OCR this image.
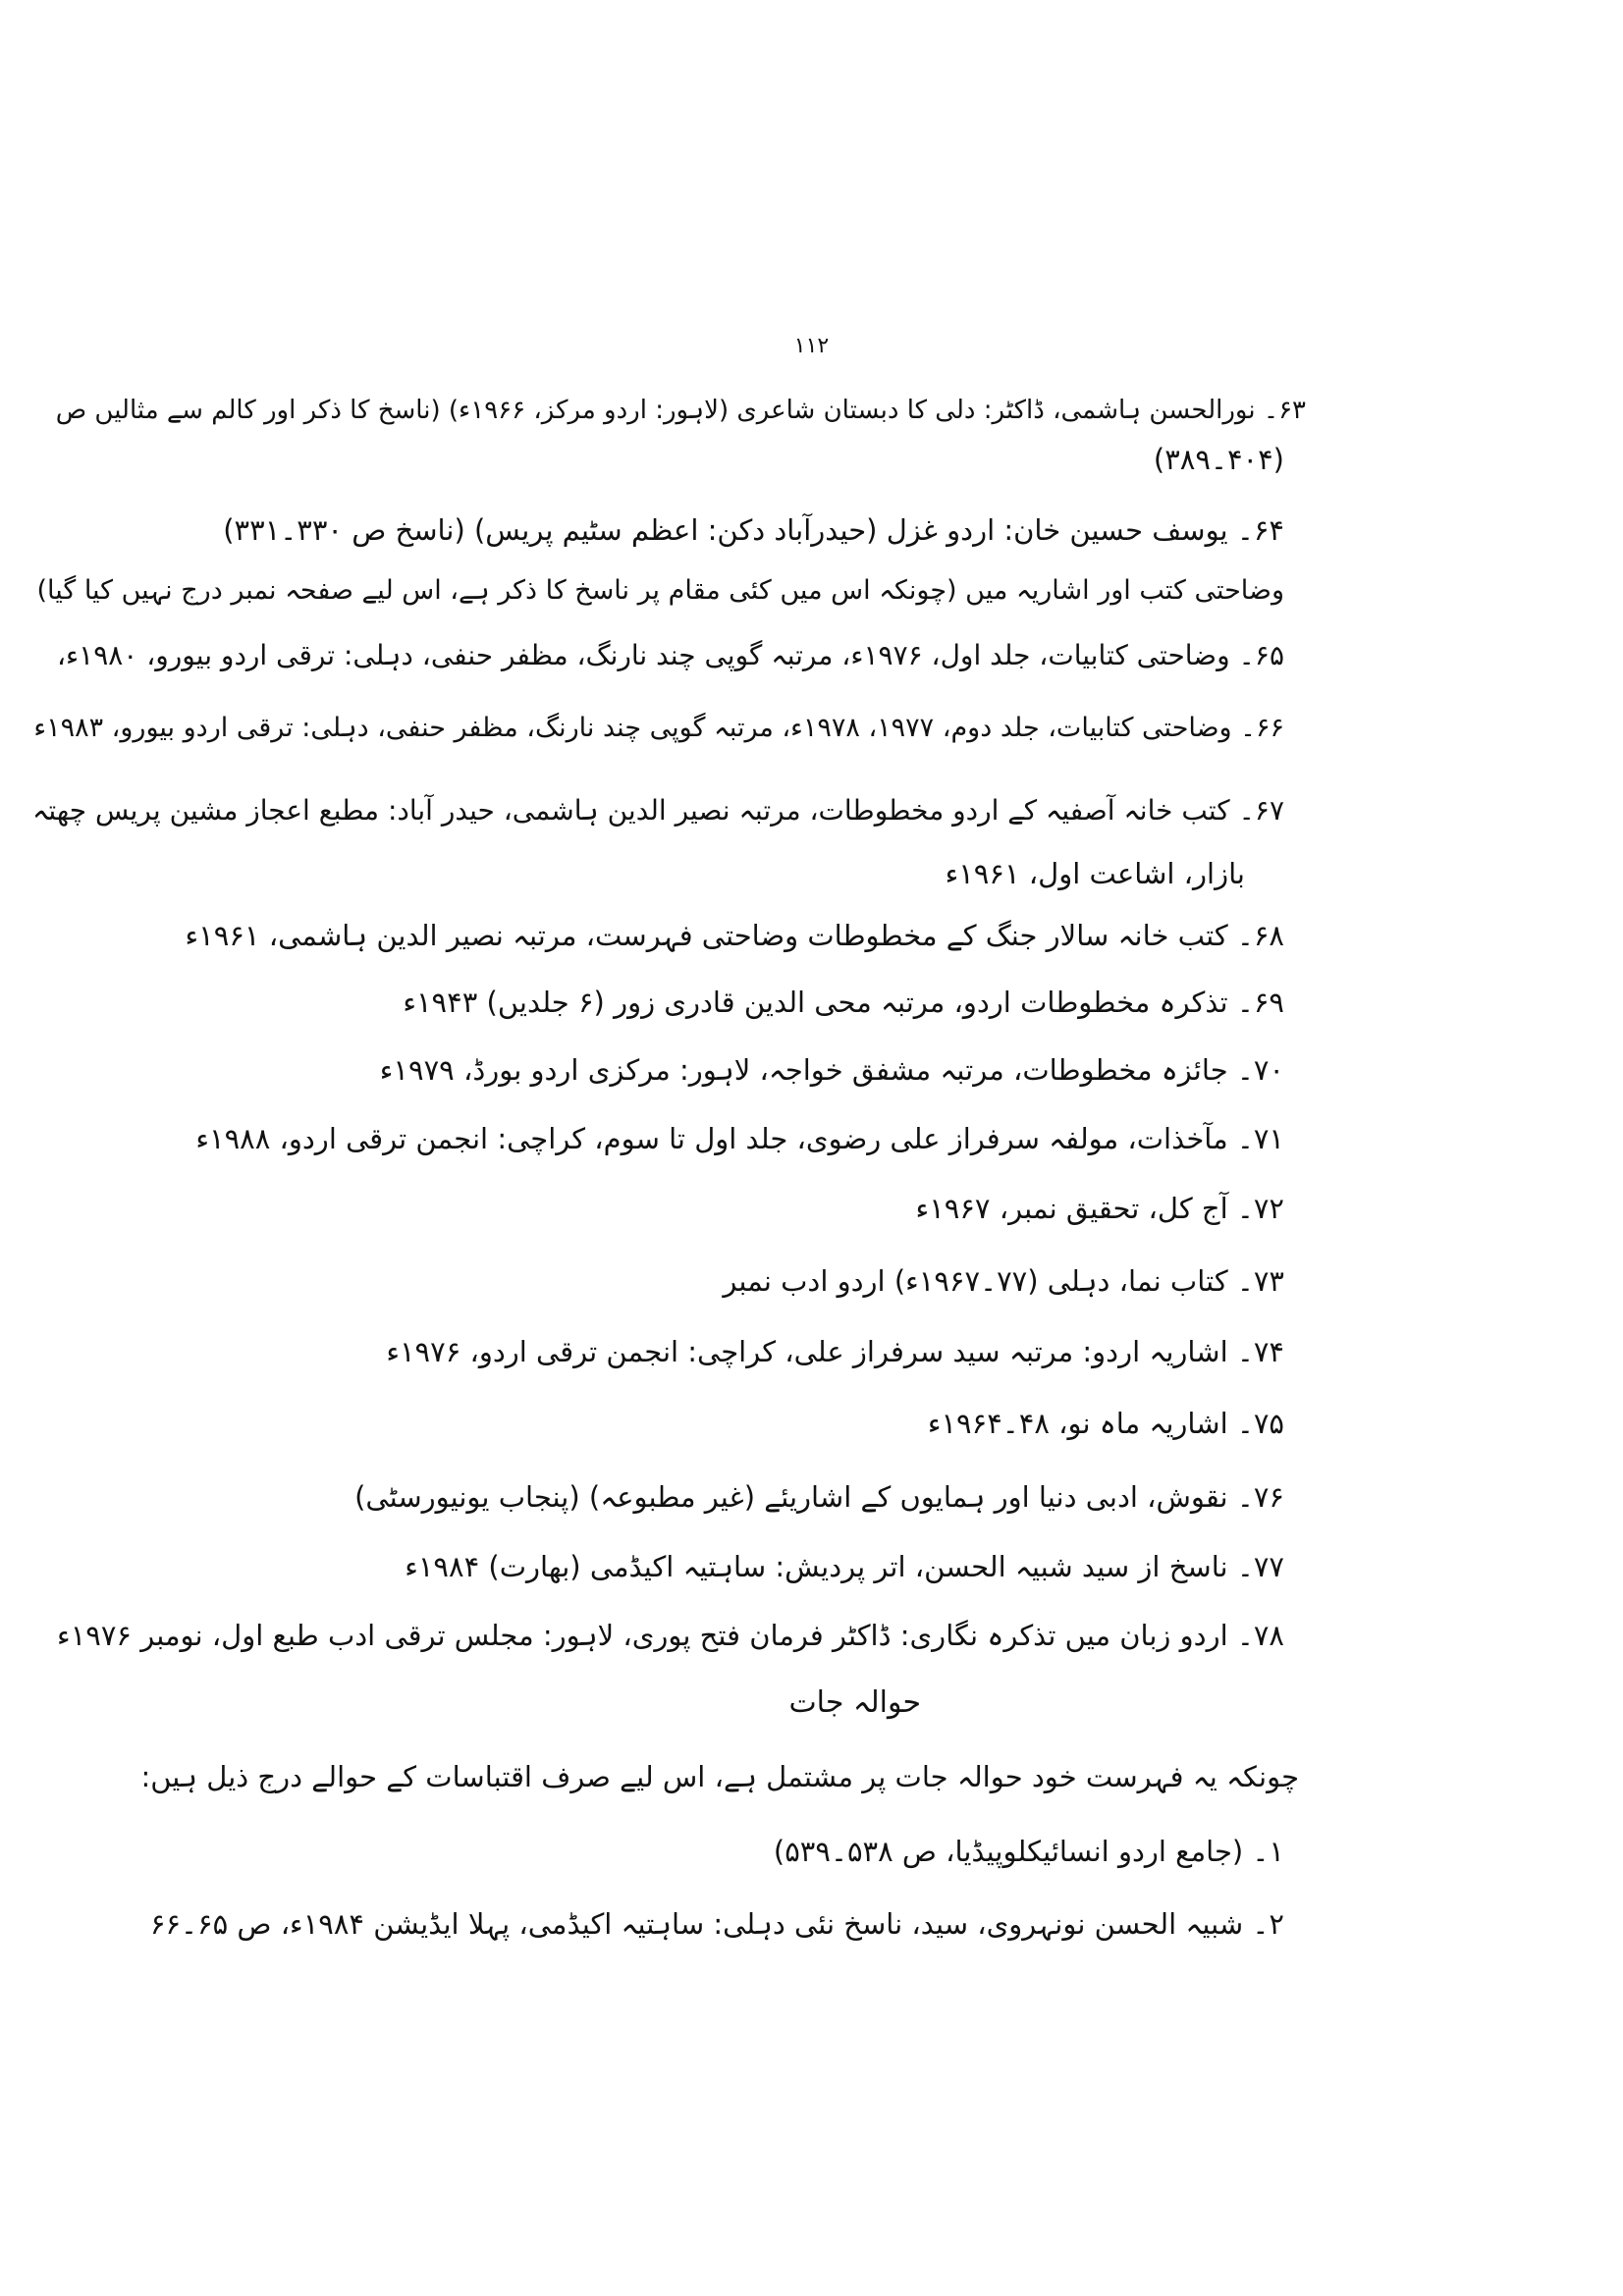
۱۱۲
۶۳۔ نورالحسن ہاشمی، ڈاکٹر: دلی کا دبستان شاعری (لاہور: اردو مرکز، ۱۹۶۶ء) (ناسخ کا ذکر اور کالم سے مثالیں ص
(۴۰۴۔۳۸۹)
۶۴۔ یوسف حسین خان: اردو غزل (حیدرآباد دکن: اعظم سٹیم پریس) (ناسخ ص ۳۳۰۔۳۳۱)
وضاحتی کتب اور اشاریہ میں (چونکہ اس میں کئی مقام پر ناسخ کا ذکر ہے، اس لیے صفحہ نمبر درج نہیں کیا گیا)
۶۵۔ وضاحتی کتابیات، جلد اول، ۱۹۷۶ء، مرتبہ گوپی چند نارنگ، مظفر حنفی، دہلی: ترقی اردو بیورو، ۱۹۸۰ء،
۶۶۔ وضاحتی کتابیات، جلد دوم، ۱۹۷۷، ۱۹۷۸ء، مرتبہ گوپی چند نارنگ، مظفر حنفی، دہلی: ترقی اردو بیورو، ۱۹۸۳ء
۶۷۔ کتب خانہ آصفیہ کے اردو مخطوطات، مرتبہ نصیر الدین ہاشمی، حیدر آباد: مطبع اعجاز مشین پریس چھتہ
بازار، اشاعت اول، ۱۹۶۱ء
۶۸۔ کتب خانہ سالار جنگ کے مخطوطات وضاحتی فہرست، مرتبہ نصیر الدین ہاشمی، ۱۹۶۱ء
۶۹۔ تذکرہ مخطوطات اردو، مرتبہ محی الدین قادری زور (۶ جلدیں) ۱۹۴۳ء
۷۰۔ جائزہ مخطوطات، مرتبہ مشفق خواجہ، لاہور: مرکزی اردو بورڈ، ۱۹۷۹ء
۷۱۔ مآخذات، مولفہ سرفراز علی رضوی، جلد اول تا سوم، کراچی: انجمن ترقی اردو، ۱۹۸۸ء
۷۲۔ آج کل، تحقیق نمبر، ۱۹۶۷ء
۷۳۔ کتاب نما، دہلی (۷۷۔۱۹۶۷ء) اردو ادب نمبر
۷۴۔ اشاریہ اردو: مرتبہ سید سرفراز علی، کراچی: انجمن ترقی اردو، ۱۹۷۶ء
۷۵۔ اشاریہ ماہ نو، ۴۸۔۱۹۶۴ء
۷۶۔ نقوش، ادبی دنیا اور ہمایوں کے اشاریئے (غیر مطبوعہ) (پنجاب یونیورسٹی)
۷۷۔ ناسخ از سید شبیہ الحسن، اتر پردیش: ساہتیہ اکیڈمی (بھارت) ۱۹۸۴ء
۷۸۔ اردو زبان میں تذکرہ نگاری: ڈاکٹر فرمان فتح پوری، لاہور: مجلس ترقی ادب طبع اول، نومبر ۱۹۷۶ء
حوالہ جات
چونکہ یہ فہرست خود حوالہ جات پر مشتمل ہے، اس لیے صرف اقتباسات کے حوالے درج ذیل ہیں:
۱۔ (جامع اردو انسائیکلوپیڈیا، ص ۵۳۸۔۵۳۹)
۲۔ شبیہ الحسن نونہروی، سید، ناسخ نئی دہلی: ساہتیہ اکیڈمی، پہلا ایڈیشن ۱۹۸۴ء، ص ۶۵۔۶۶
